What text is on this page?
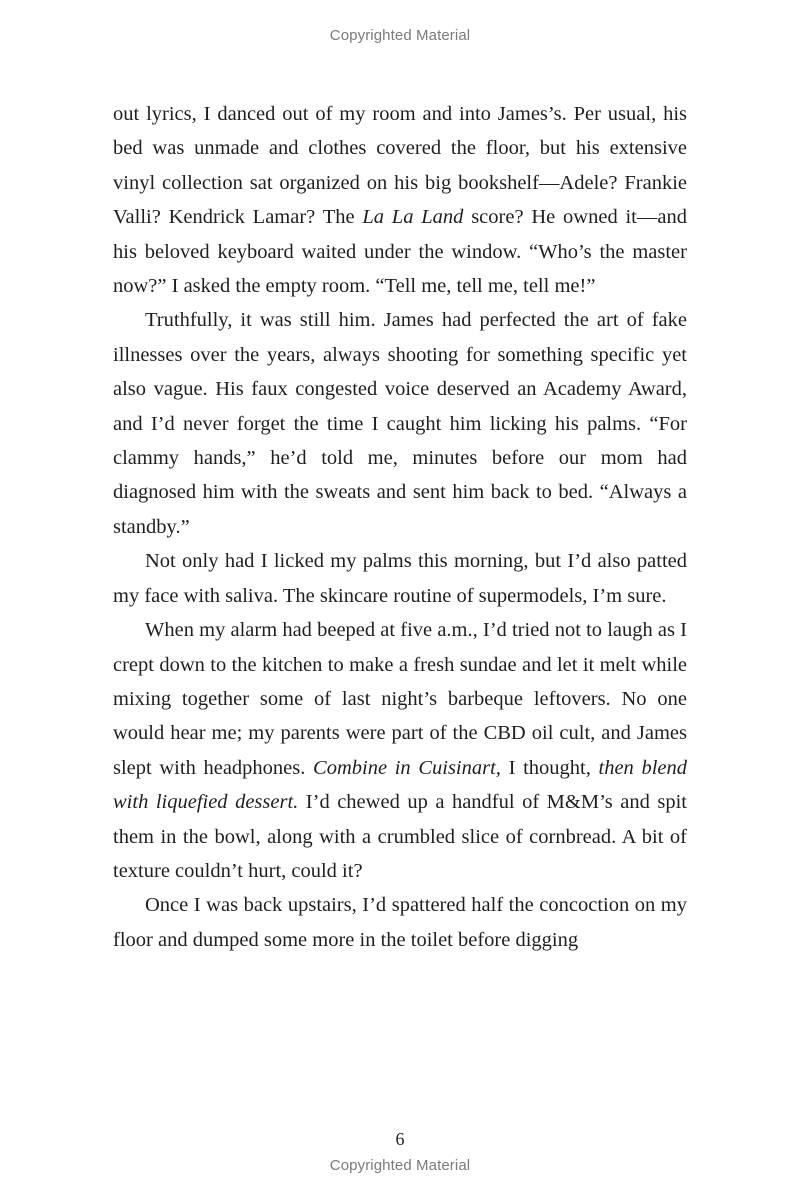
Copyrighted Material

out lyrics, I danced out of my room and into James’s. Per usual, his bed was unmade and clothes covered the floor, but his extensive vinyl collection sat organized on his big bookshelf—Adele? Frankie Valli? Kendrick Lamar? The La La Land score? He owned it—and his beloved keyboard waited under the window. “Who’s the master now?” I asked the empty room. “Tell me, tell me, tell me!”

Truthfully, it was still him. James had perfected the art of fake illnesses over the years, always shooting for something specific yet also vague. His faux congested voice deserved an Academy Award, and I’d never forget the time I caught him licking his palms. “For clammy hands,” he’d told me, minutes before our mom had diagnosed him with the sweats and sent him back to bed. “Always a standby.”

Not only had I licked my palms this morning, but I’d also patted my face with saliva. The skincare routine of supermodels, I’m sure.

When my alarm had beeped at five a.m., I’d tried not to laugh as I crept down to the kitchen to make a fresh sundae and let it melt while mixing together some of last night’s barbeque leftovers. No one would hear me; my parents were part of the CBD oil cult, and James slept with headphones. Combine in Cuisinart, I thought, then blend with liquefied dessert. I’d chewed up a handful of M&M’s and spit them in the bowl, along with a crumbled slice of cornbread. A bit of texture couldn’t hurt, could it?

Once I was back upstairs, I’d spattered half the concoction on my floor and dumped some more in the toilet before digging

6
Copyrighted Material
